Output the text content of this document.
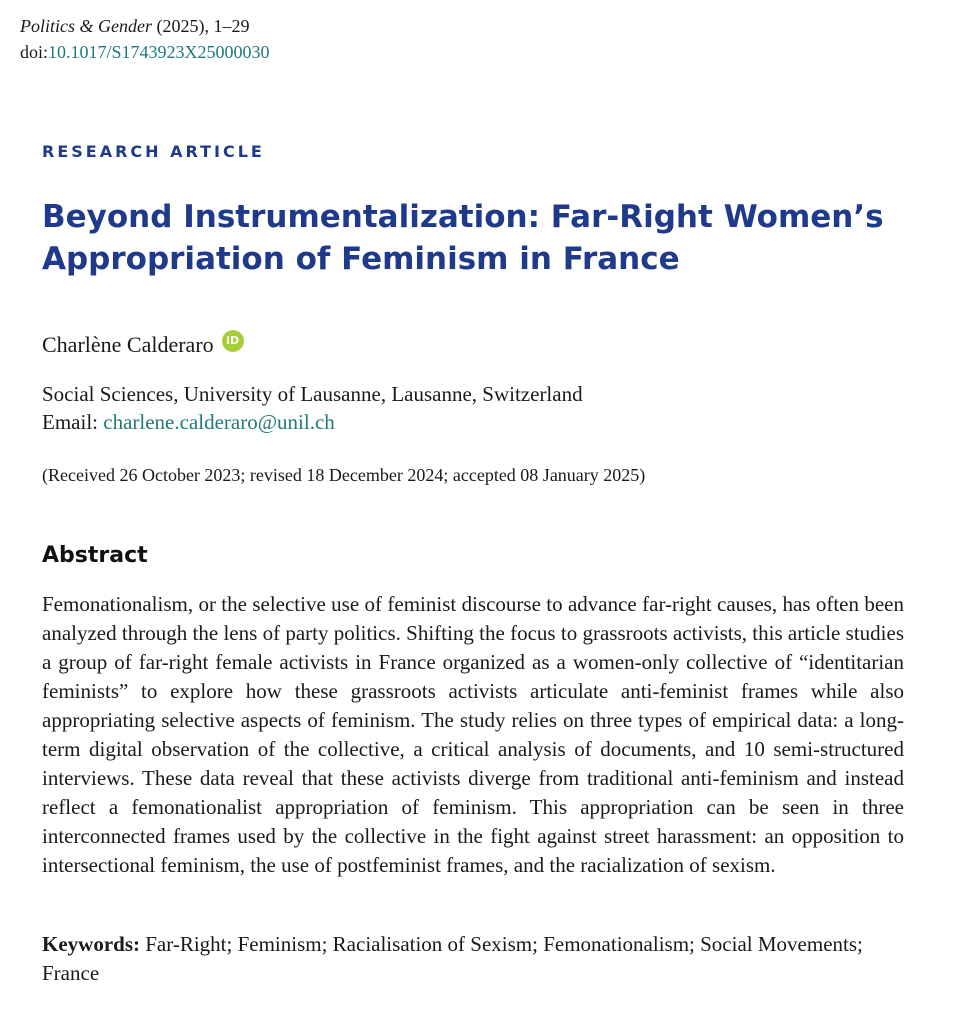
Politics & Gender (2025), 1–29
doi:10.1017/S1743923X25000030
RESEARCH ARTICLE
Beyond Instrumentalization: Far-Right Women’s
Appropriation of Feminism in France
Charlène Calderaro	iD
Social Sciences, University of Lausanne, Lausanne, Switzerland
Email: charlene.calderaro@unil.ch
(Received 26 October 2023; revised 18 December 2024; accepted 08 January 2025)
Abstract

Femonationalism, or the selective use of feminist discourse to advance far-right causes, has often been analyzed through the lens of party politics. Shifting the focus to grassroots activists, this article studies a group of far-right female activists in France organized as a women-only collective of “identitarian feminists” to explore how these grassroots activists articulate anti-feminist frames while also appropriating selective aspects of feminism. The study relies on three types of empirical data: a long-term digital observation of the collective, a critical analysis of documents, and 10 semi-structured interviews. These data reveal that these activists diverge from traditional anti-feminism and instead reflect a femonationalist appropriation of feminism. This appropriation can be seen in three interconnected frames used by the collective in the fight against street harassment: an opposition to intersectional feminism, the use of postfeminist frames, and the racialization of sexism.

Keywords: Far-Right; Feminism; Racialisation of Sexism; Femonationalism; Social Movements; France
